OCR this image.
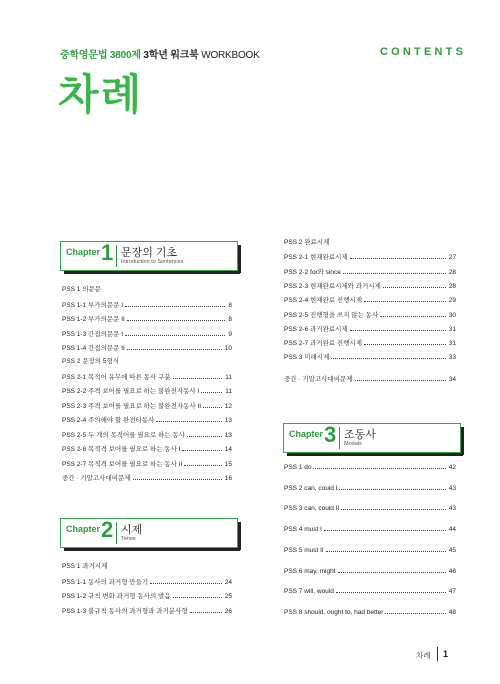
중학영문법 3800제 3학년 워크북 WORKBOOK	CONTENTS
차례
Chapter 1 문장의 기초
Introduction to Sentences
PSS 1 의문문
PSS 1-1 부가의문문 I	8
PSS 1-2 부가의문문 II	8
PSS 1-3 간접의문문 I	9
PSS 1-4 간접의문문 II	10
PSS 2 문장의 5형식
PSS 2-1 목적어 유무에 따른 동사 구분	11
PSS 2-2 주격 보어를 필요로 하는 불완전자동사 I	11
PSS 2-3 주격 보어를 필요로 하는 불완전자동사 II	12
PSS 2-4 주의해야 할 완전타동사	13
PSS 2-5 두 개의 목적어를 필요로 하는 동사	13
PSS 2-6 목적격 보어를 필요로 하는 동사 I	14
PSS 2-7 목적격 보어를 필요로 하는 동사 II	15
중간 · 기말고사대비문제	16
Chapter 2 시제
Tense
PSS 1 과거시제
PSS 1-1 동사의 과거형 만들기	24
PSS 1-2 규칙 변화 과거형 동사의 발음	25
PSS 1-3 불규칙 동사의 과거형과 과거분사형	26
PSS 2 완료시제
PSS 2-1 현재완료시제	27
PSS 2-2 for와 since	28
PSS 2-3 현재완료시제와 과거시제	28
PSS 2-4 현재완료 진행시제	29
PSS 2-5 진행형을 쓰지 않는 동사	30
PSS 2-6 과거완료시제	31
PSS 2-7 과거완료 진행시제	31
PSS 3 미래시제	33
중간 · 기말고사대비문제	34
Chapter 3 조동사
Modals
PSS 1 do	42
PSS 2 can, could I	43
PSS 3 can, could II	43
PSS 4 must I	44
PSS 5 must II	45
PSS 6 may, might	46
PSS 7 will, would	47
PSS 8 should, ought to, had better	48
차례 1
